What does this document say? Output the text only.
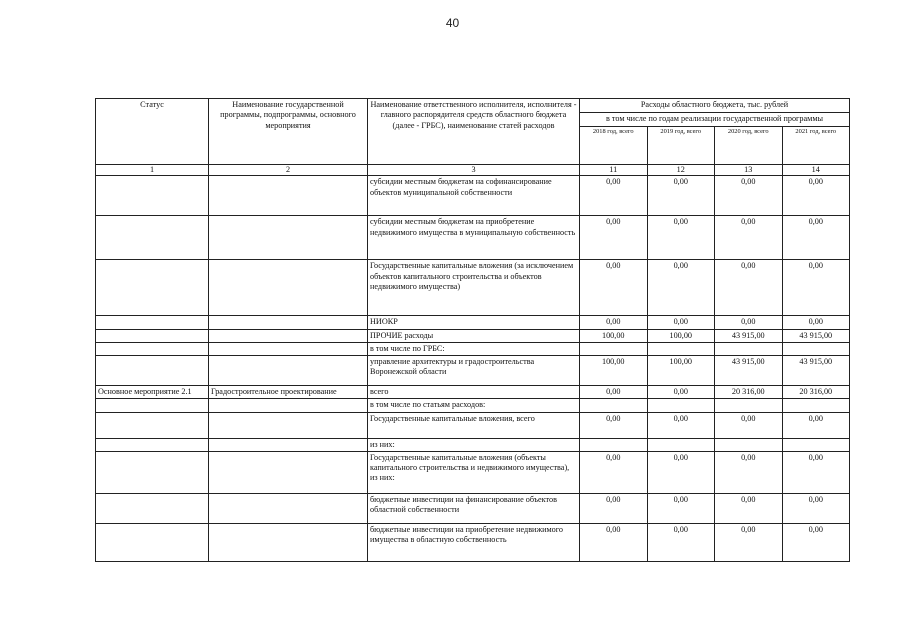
40
Статус	Наименование государственной программы, подпрограммы, основного мероприятия	Наименование ответственного исполнителя, исполнителя - главного распорядителя средств областного бюджета (далее - ГРБС), наименование статей расходов	Расходы областного бюджета, тыс. рублей			
			в том числе по годам реализации государственной программы			
			2018 год, всего	2019 год, всего	2020 год, всего	2021 год, всего
1	2	3	11	12	13	14
		субсидии местным бюджетам на софинансирование объектов муниципальной собственности	0,00	0,00	0,00	0,00
		субсидии местным бюджетам на приобретение недвижимого имущества в муниципальную собственность	0,00	0,00	0,00	0,00
		Государственные капитальные вложения (за исключением объектов капитального строительства и объектов недвижимого имущества)	0,00	0,00	0,00	0,00
		НИОКР	0,00	0,00	0,00	0,00
		ПРОЧИЕ расходы	100,00	100,00	43 915,00	43 915,00
		в том числе по ГРБС:				
		управление архитектуры и градостроительства Воронежской области	100,00	100,00	43 915,00	43 915,00
Основное мероприятие 2.1	Градостроительное проектирование	всего	0,00	0,00	20 316,00	20 316,00
		в том числе по статьям расходов:				
		Государственные капитальные вложения, всего	0,00	0,00	0,00	0,00
		из них:				
		Государственные капитальные вложения (объекты капитального строительства и недвижимого имущества), из них:	0,00	0,00	0,00	0,00
		бюджетные инвестиции на финансирование объектов областной собственности	0,00	0,00	0,00	0,00
		бюджетные инвестиции на приобретение недвижимого имущества в областную собственность	0,00	0,00	0,00	0,00
